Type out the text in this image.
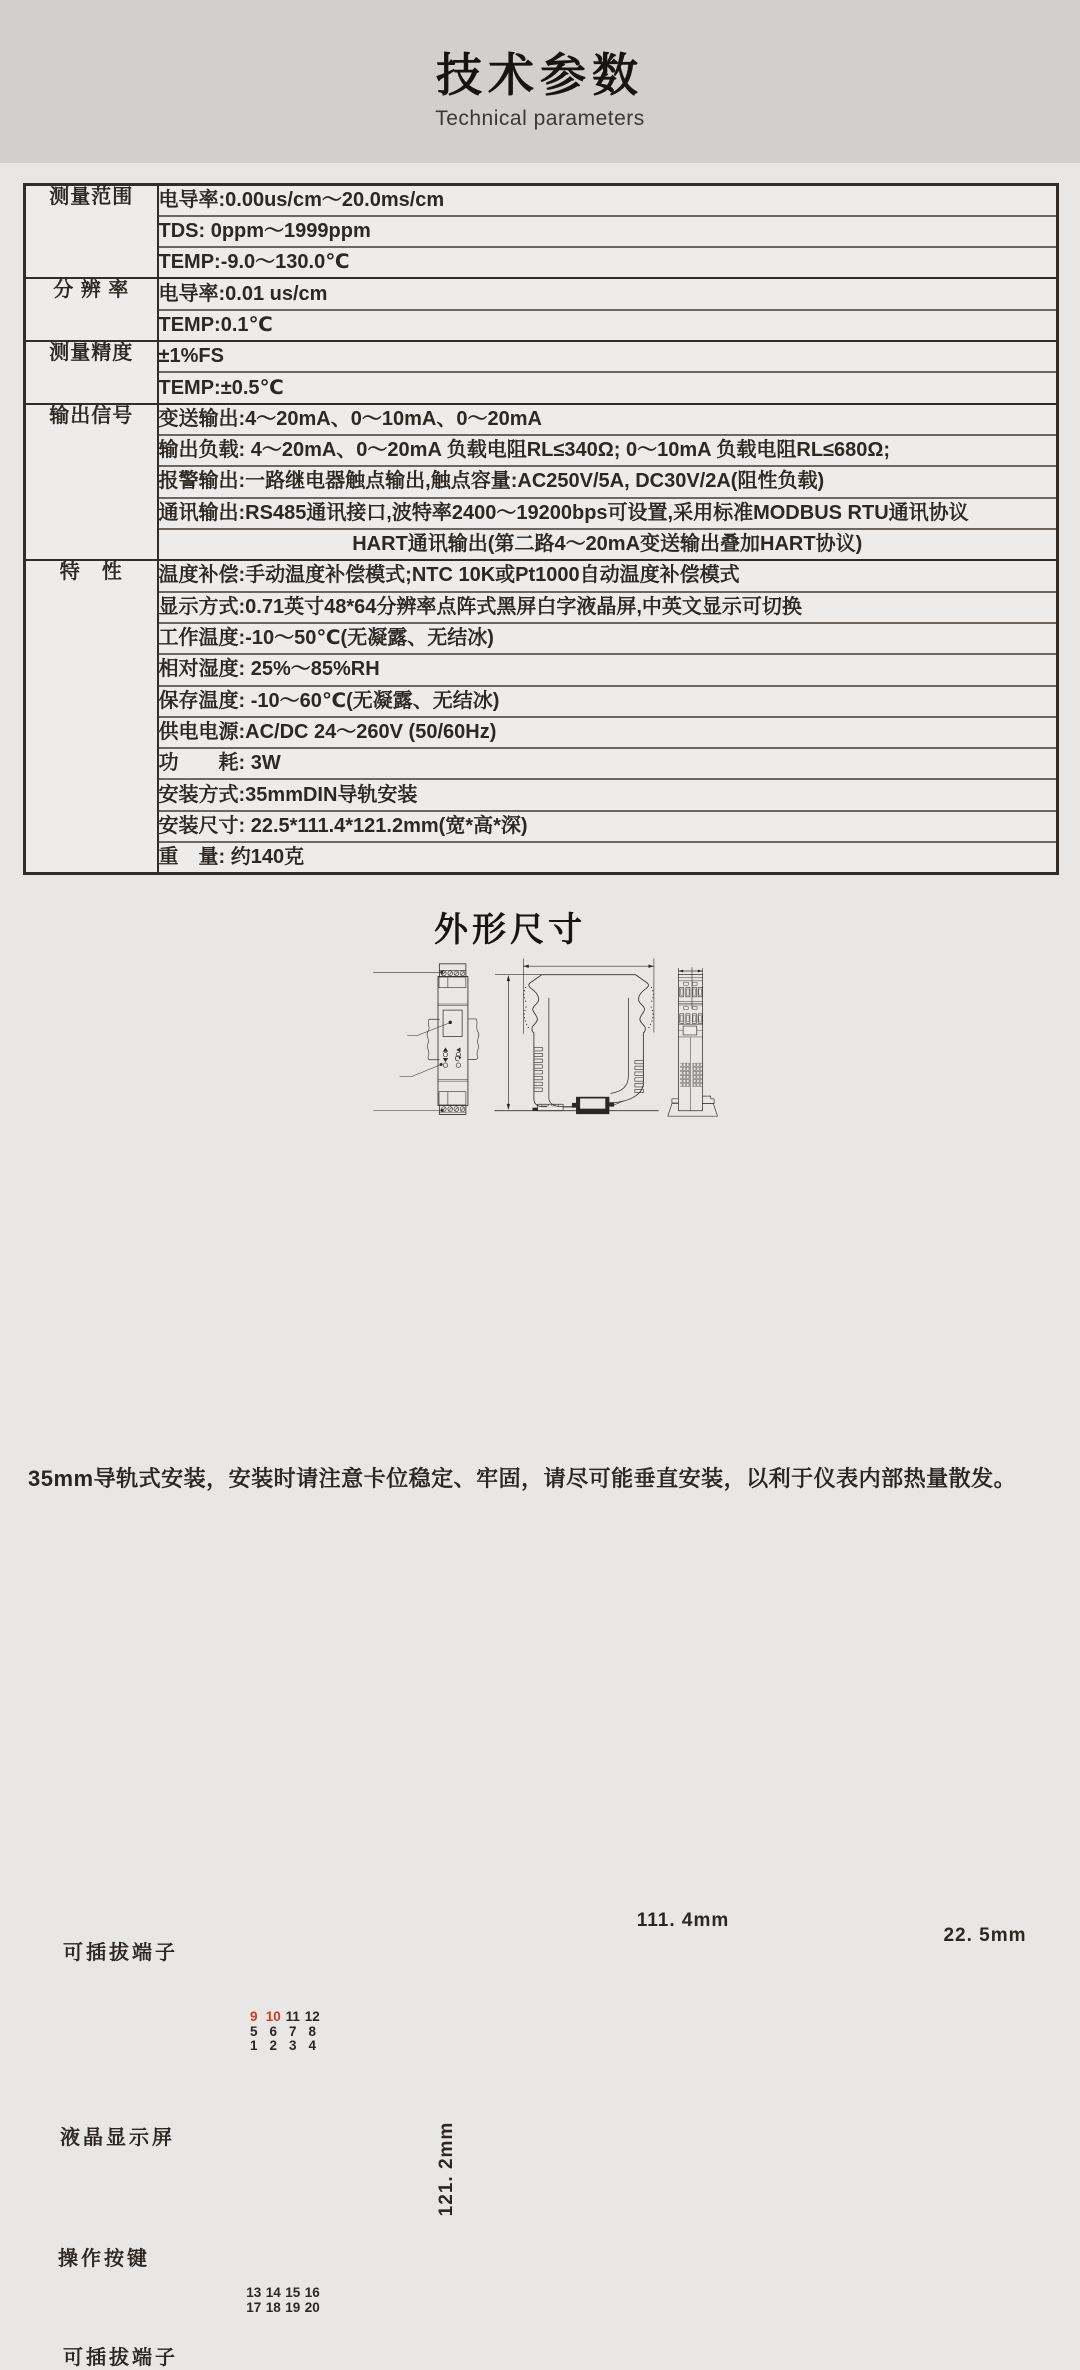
技术参数
Technical parameters
测量范围	电导率:0.00us/cm～20.0ms/cm
	TDS: 0ppm～1999ppm
	TEMP:-9.0～130.0℃
分 辨 率	电导率:0.01 us/cm
	TEMP:0.1℃
测量精度	±1%FS
	TEMP:±0.5℃
输出信号	变送输出:4～20mA、0～10mA、0～20mA
	输出负载: 4～20mA、0～20mA 负载电阻RL≤340Ω; 0～10mA 负载电阻RL≤680Ω;
	报警输出:一路继电器触点输出,触点容量:AC250V/5A, DC30V/2A(阻性负载)
	通讯输出:RS485通讯接口,波特率2400～19200bps可设置,采用标准MODBUS RTU通讯协议
	HART通讯输出(第二路4～20mA变送输出叠加HART协议)
特　性	温度补偿:手动温度补偿模式;NTC 10K或Pt1000自动温度补偿模式
	显示方式:0.71英寸48*64分辨率点阵式黑屏白字液晶屏,中英文显示可切换
	工作温度:-10～50℃(无凝露、无结冰)
	相对湿度: 25%～85%RH
	保存温度: -10～60℃(无凝露、无结冰)
	供电电源:AC/DC 24～260V (50/60Hz)
	功　　耗: 3W
	安装方式:35mmDIN导轨安装
	安装尺寸: 22.5*111.4*121.2mm(宽*高*深)
	重　量: 约140克
外形尺寸
可插拔端子
液晶显示屏
操作按键
可插拔端子
111. 4mm
121. 2mm
22. 5mm
9 10 11 12
5 6 7 8
1 2 3 4
13 14 15 16
17 18 19 20
35mm导轨式安装，安装时请注意卡位稳定、牢固，请尽可能垂直安装，以利于仪表内部热量散发。
